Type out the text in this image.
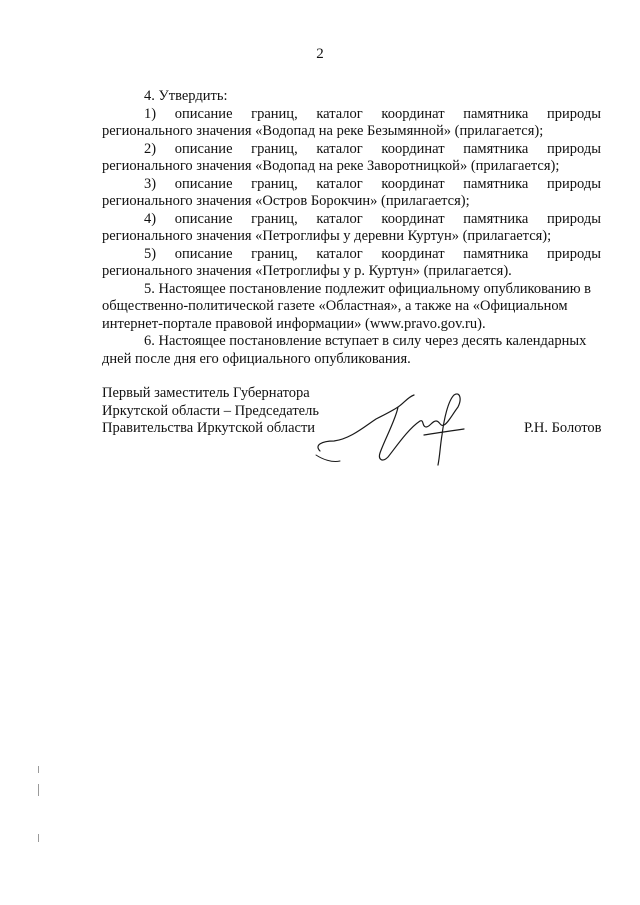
2
4. Утвердить:
1) описание границ, каталог координат памятника природы
регионального значения «Водопад на реке Безымянной» (прилагается);
2) описание границ, каталог координат памятника природы
регионального значения «Водопад на реке Заворотницкой» (прилагается);
3) описание границ, каталог координат памятника природы
регионального значения «Остров Борокчин» (прилагается);
4) описание границ, каталог координат памятника природы
регионального значения «Петроглифы у деревни Куртун» (прилагается);
5) описание границ, каталог координат памятника природы
регионального значения «Петроглифы у р. Куртун» (прилагается).
5. Настоящее постановление подлежит официальному опубликованию в
общественно-политической газете «Областная», а также на «Официальном
интернет-портале правовой информации» (www.pravo.gov.ru).
6. Настоящее постановление вступает в силу через десять календарных
дней после дня его официального опубликования.
Первый заместитель Губернатора
Иркутской области – Председатель
Правительства Иркутской области	Р.Н. Болотов
